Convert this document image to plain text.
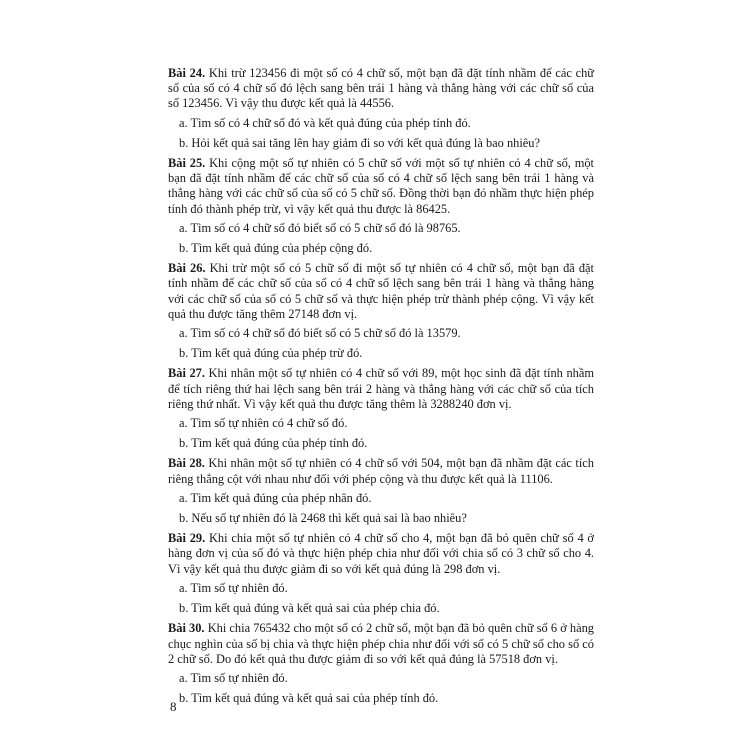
Bài 24. Khi trừ 123456 đi một số có 4 chữ số, một bạn đã đặt tính nhầm để các chữ số của số có 4 chữ số đó lệch sang bên trái 1 hàng và thẳng hàng với các chữ số của số 123456. Vì vậy thu được kết quả là 44556.
a. Tìm số có 4 chữ số đó và kết quả đúng của phép tính đó.
b. Hỏi kết quả sai tăng lên hay giảm đi so với kết quả đúng là bao nhiêu?
Bài 25. Khi cộng một số tự nhiên có 5 chữ số với một số tự nhiên có 4 chữ số, một bạn đã đặt tính nhầm để các chữ số của số có 4 chữ số lệch sang bên trái 1 hàng và thẳng hàng với các chữ số của số có 5 chữ số. Đồng thời bạn đó nhầm thực hiện phép tính đó thành phép trừ, vì vậy kết quả thu được là 86425.
a. Tìm số có 4 chữ số đó biết số có 5 chữ số đó là 98765.
b. Tìm kết quả đúng của phép cộng đó.
Bài 26. Khi trừ một số có 5 chữ số đi một số tự nhiên có 4 chữ số, một bạn đã đặt tính nhầm để các chữ số của số có 4 chữ số lệch sang bên trái 1 hàng và thẳng hàng với các chữ số của số có 5 chữ số và thực hiện phép trừ thành phép cộng. Vì vậy kết quả thu được tăng thêm 27148 đơn vị.
a. Tìm số có 4 chữ số đó biết số có 5 chữ số đó là 13579.
b. Tìm kết quả đúng của phép trừ đó.
Bài 27. Khi nhân một số tự nhiên có 4 chữ số với 89, một học sinh đã đặt tính nhầm để tích riêng thứ hai lệch sang bên trái 2 hàng và thẳng hàng với các chữ số của tích riêng thứ nhất. Vì vậy kết quả thu được tăng thêm là 3288240 đơn vị.
a. Tìm số tự nhiên có 4 chữ số đó.
b. Tìm kết quả đúng của phép tính đó.
Bài 28. Khi nhân một số tự nhiên có 4 chữ số với 504, một bạn đã nhầm đặt các tích riêng thẳng cột với nhau như đối với phép cộng và thu được kết quả là 11106.
a. Tìm kết quả đúng của phép nhân đó.
b. Nếu số tự nhiên đó là 2468 thì kết quả sai là bao nhiêu?
Bài 29. Khi chia một số tự nhiên có 4 chữ số cho 4, một bạn đã bỏ quên chữ số 4 ở hàng đơn vị của số đó và thực hiện phép chia như đối với chia số có 3 chữ số cho 4. Vì vậy kết quả thu được giảm đi so với kết quả đúng là 298 đơn vị.
a. Tìm số tự nhiên đó.
b. Tìm kết quả đúng và kết quả sai của phép chia đó.
Bài 30. Khi chia 765432 cho một số có 2 chữ số, một bạn đã bỏ quên chữ số 6 ở hàng chục nghìn của số bị chia và thực hiện phép chia như đối với số có 5 chữ số cho số có 2 chữ số. Do đó kết quả thu được giảm đi so với kết quả đúng là 57518 đơn vị.
a. Tìm số tự nhiên đó.
b. Tìm kết quả đúng và kết quả sai của phép tính đó.
8
